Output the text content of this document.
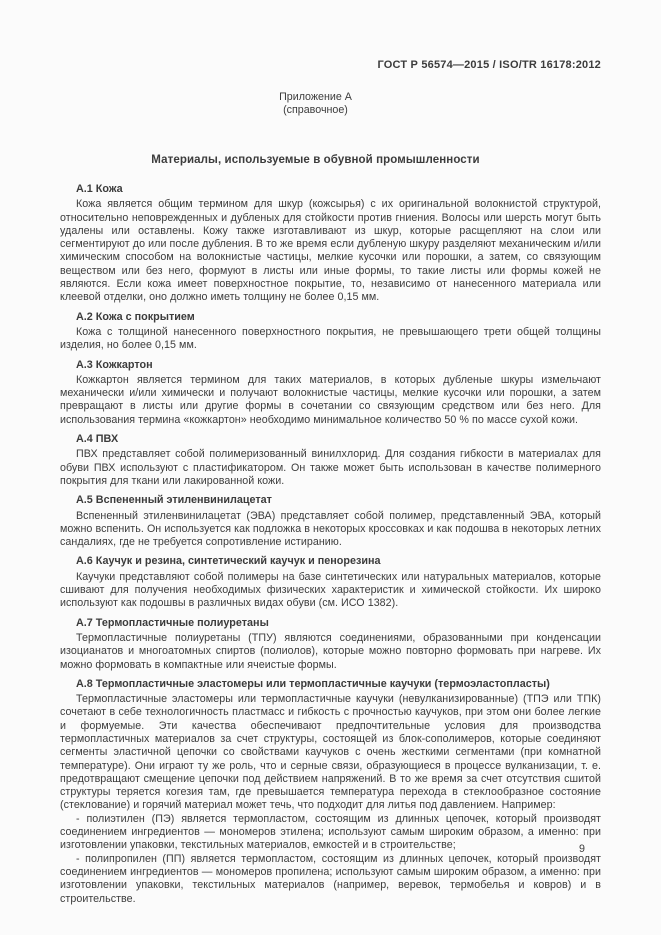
ГОСТ Р 56574—2015 / ISO/TR 16178:2012
Приложение А
(справочное)
Материалы, используемые в обувной промышленности
А.1 Кожа

Кожа является общим термином для шкур (кожсырья) с их оригинальной волокнистой структурой, относительно неповрежденных и дубленых для стойкости против гниения. Волосы или шерсть могут быть удалены или оставлены. Кожу также изготавливают из шкур, которые расщепляют на слои или сегментируют до или после дубления. В то же время если дубленую шкуру разделяют механическим и/или химическим способом на волокнистые частицы, мелкие кусочки или порошки, а затем, со связующим веществом или без него, формуют в листы или иные формы, то такие листы или формы кожей не являются. Если кожа имеет поверхностное покрытие, то, независимо от нанесенного материала или клеевой отделки, оно должно иметь толщину не более 0,15 мм.

А.2 Кожа с покрытием

Кожа с толщиной нанесенного поверхностного покрытия, не превышающего трети общей толщины изделия, но более 0,15 мм.

А.3 Кожкартон

Кожкартон является термином для таких материалов, в которых дубленые шкуры измельчают механически и/или химически и получают волокнистые частицы, мелкие кусочки или порошки, а затем превращают в листы или другие формы в сочетании со связующим средством или без него. Для использования термина «кожкартон» необходимо минимальное количество 50 % по массе сухой кожи.

А.4 ПВХ

ПВХ представляет собой полимеризованный винилхлорид. Для создания гибкости в материалах для обуви ПВХ используют с пластификатором. Он также может быть использован в качестве полимерного покрытия для ткани или лакированной кожи.

А.5 Вспененный этиленвинилацетат

Вспененный этиленвинилацетат (ЭВА) представляет собой полимер, представленный ЭВА, который можно вспенить. Он используется как подложка в некоторых кроссовках и как подошва в некоторых летних сандалиях, где не требуется сопротивление истиранию.

А.6 Каучук и резина, синтетический каучук и пенорезина

Каучуки представляют собой полимеры на базе синтетических или натуральных материалов, которые сшивают для получения необходимых физических характеристик и химической стойкости. Их широко используют как подошвы в различных видах обуви (см. ИСО 1382).

А.7 Термопластичные полиуретаны

Термопластичные полиуретаны (ТПУ) являются соединениями, образованными при конденсации изоцианатов и многоатомных спиртов (полиолов), которые можно повторно формовать при нагреве. Их можно формовать в компактные или ячеистые формы.

А.8 Термопластичные эластомеры или термопластичные каучуки (термоэластопласты)

Термопластичные эластомеры или термопластичные каучуки (невулканизированные) (ТПЭ или ТПК) сочетают в себе технологичность пластмасс и гибкость с прочностью каучуков, при этом они более легкие и формуемые. Эти качества обеспечивают предпочтительные условия для производства термопластичных материалов за счет структуры, состоящей из блок-сополимеров, которые соединяют сегменты эластичной цепочки со свойствами каучуков с очень жесткими сегментами (при комнатной температуре). Они играют ту же роль, что и серные связи, образующиеся в процессе вулканизации, т. е. предотвращают смещение цепочки под действием напряжений. В то же время за счет отсутствия сшитой структуры теряется когезия там, где превышается температура перехода в стеклообразное состояние (стеклование) и горячий материал может течь, что подходит для литья под давлением. Например:

- полиэтилен (ПЭ) является термопластом, состоящим из длинных цепочек, который производят соединением ингредиентов — мономеров этилена; используют самым широким образом, а именно: при изготовлении упаковки, текстильных материалов, емкостей и в строительстве;

- полипропилен (ПП) является термопластом, состоящим из длинных цепочек, который производят соединением ингредиентов — мономеров пропилена; используют самым широким образом, а именно: при изготовлении упаковки, текстильных материалов (например, веревок, термобелья и ковров) и в строительстве.

9
